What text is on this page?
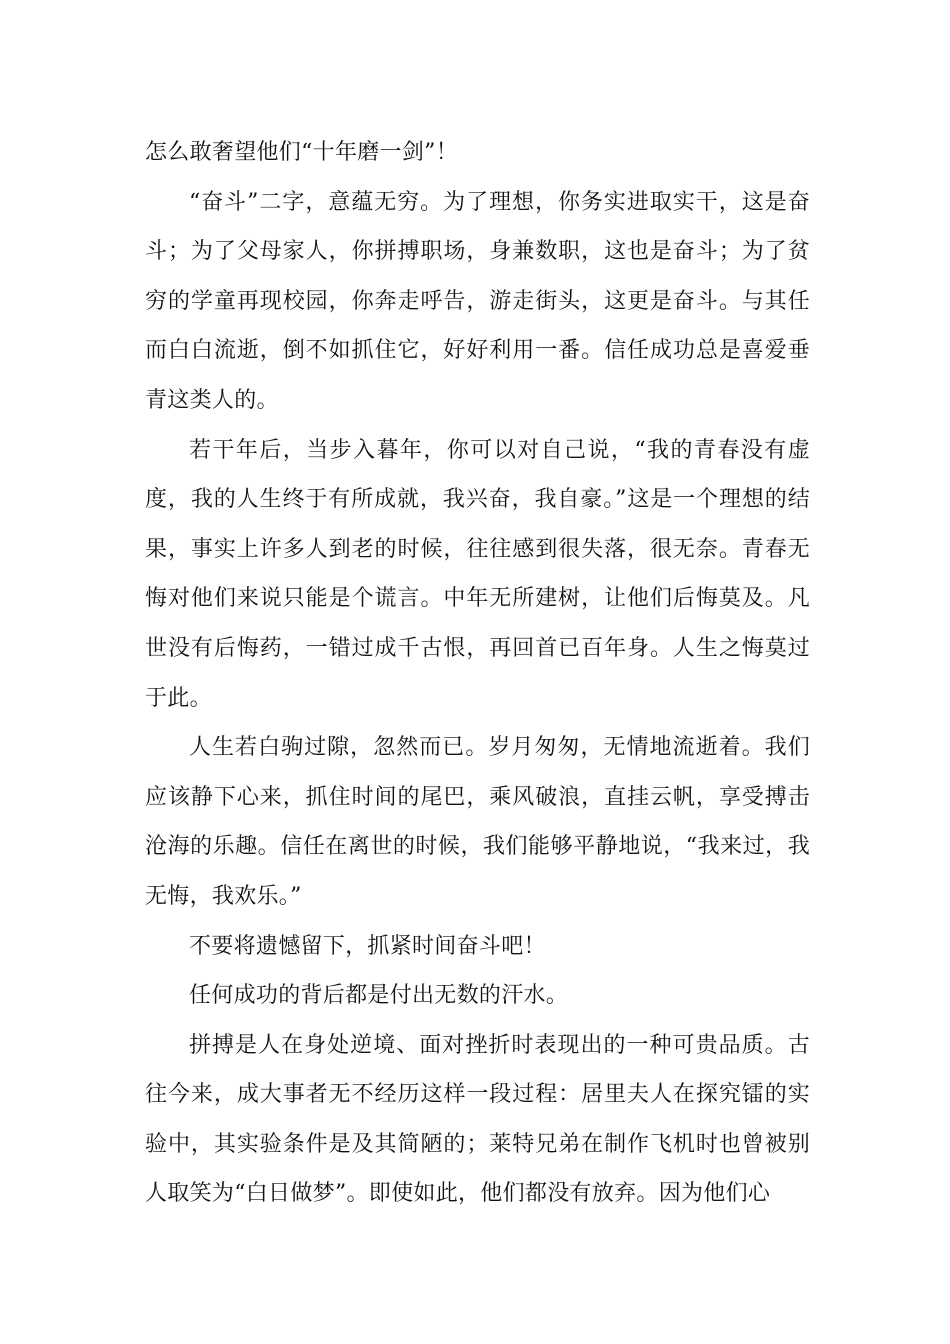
怎么敢奢望他们“十年磨一剑”！

“奋斗”二字，意蕴无穷。为了理想，你务实进取实干，这是奋斗；为了父母家人，你拼搏职场，身兼数职，这也是奋斗；为了贫穷的学童再现校园，你奔走呼告，游走街头，这更是奋斗。与其任而白白流逝，倒不如抓住它，好好利用一番。信任成功总是喜爱垂青这类人的。

若干年后，当步入暮年，你可以对自己说，“我的青春没有虚度，我的人生终于有所成就，我兴奋，我自豪。”这是一个理想的结果，事实上许多人到老的时候，往往感到很失落，很无奈。青春无悔对他们来说只能是个谎言。中年无所建树，让他们后悔莫及。凡世没有后悔药，一错过成千古恨，再回首已百年身。人生之悔莫过于此。

人生若白驹过隙，忽然而已。岁月匆匆，无情地流逝着。我们应该静下心来，抓住时间的尾巴，乘风破浪，直挂云帆，享受搏击沧海的乐趣。信任在离世的时候，我们能够平静地说，“我来过，我无悔，我欢乐。”

不要将遗憾留下，抓紧时间奋斗吧！

任何成功的背后都是付出无数的汗水。

拼搏是人在身处逆境、面对挫折时表现出的一种可贵品质。古往今来，成大事者无不经历这样一段过程：居里夫人在探究镭的实验中，其实验条件是及其简陋的；莱特兄弟在制作飞机时也曾被别人取笑为“白日做梦”。即使如此，他们都没有放弃。因为他们心
